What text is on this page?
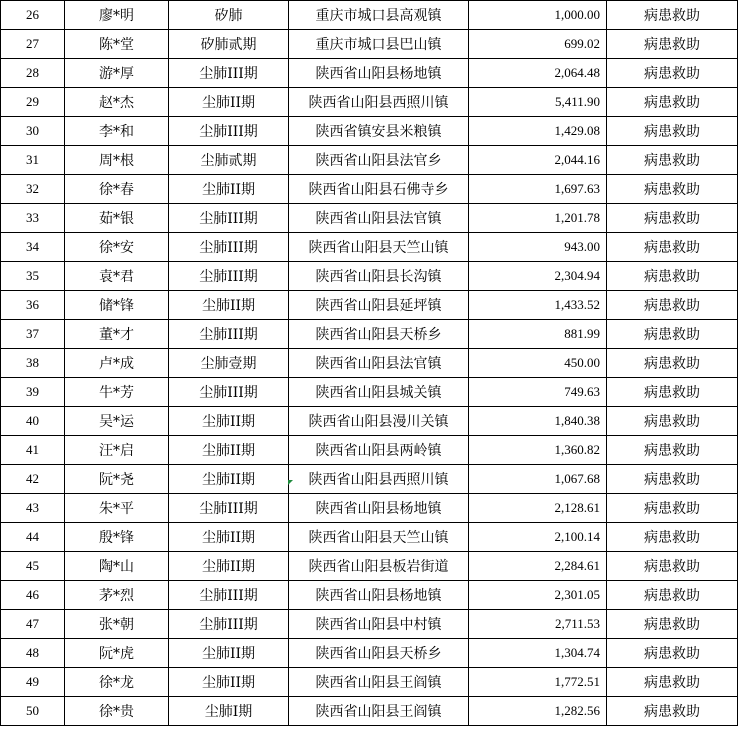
26	廖*明	矽肺	重庆市城口县高观镇	1,000.00	病患救助
27	陈*堂	矽肺贰期	重庆市城口县巴山镇	699.02	病患救助
28	游*厚	尘肺III期	陕西省山阳县杨地镇	2,064.48	病患救助
29	赵*杰	尘肺II期	陕西省山阳县西照川镇	5,411.90	病患救助
30	李*和	尘肺III期	陕西省镇安县米粮镇	1,429.08	病患救助
31	周*根	尘肺贰期	陕西省山阳县法官乡	2,044.16	病患救助
32	徐*春	尘肺II期	陕西省山阳县石佛寺乡	1,697.63	病患救助
33	茹*银	尘肺III期	陕西省山阳县法官镇	1,201.78	病患救助
34	徐*安	尘肺III期	陕西省山阳县天竺山镇	943.00	病患救助
35	袁*君	尘肺III期	陕西省山阳县长沟镇	2,304.94	病患救助
36	储*锋	尘肺II期	陕西省山阳县延坪镇	1,433.52	病患救助
37	董*才	尘肺III期	陕西省山阳县天桥乡	881.99	病患救助
38	卢*成	尘肺壹期	陕西省山阳县法官镇	450.00	病患救助
39	牛*芳	尘肺III期	陕西省山阳县城关镇	749.63	病患救助
40	吴*运	尘肺II期	陕西省山阳县漫川关镇	1,840.38	病患救助
41	汪*启	尘肺II期	陕西省山阳县两岭镇	1,360.82	病患救助
42	阮*尧	尘肺II期	陕西省山阳县西照川镇	1,067.68	病患救助
43	朱*平	尘肺III期	陕西省山阳县杨地镇	2,128.61	病患救助
44	殷*锋	尘肺II期	陕西省山阳县天竺山镇	2,100.14	病患救助
45	陶*山	尘肺II期	陕西省山阳县板岩街道	2,284.61	病患救助
46	茅*烈	尘肺III期	陕西省山阳县杨地镇	2,301.05	病患救助
47	张*朝	尘肺III期	陕西省山阳县中村镇	2,711.53	病患救助
48	阮*虎	尘肺II期	陕西省山阳县天桥乡	1,304.74	病患救助
49	徐*龙	尘肺II期	陕西省山阳县王阎镇	1,772.51	病患救助
50	徐*贵	尘肺I期	陕西省山阳县王阎镇	1,282.56	病患救助
